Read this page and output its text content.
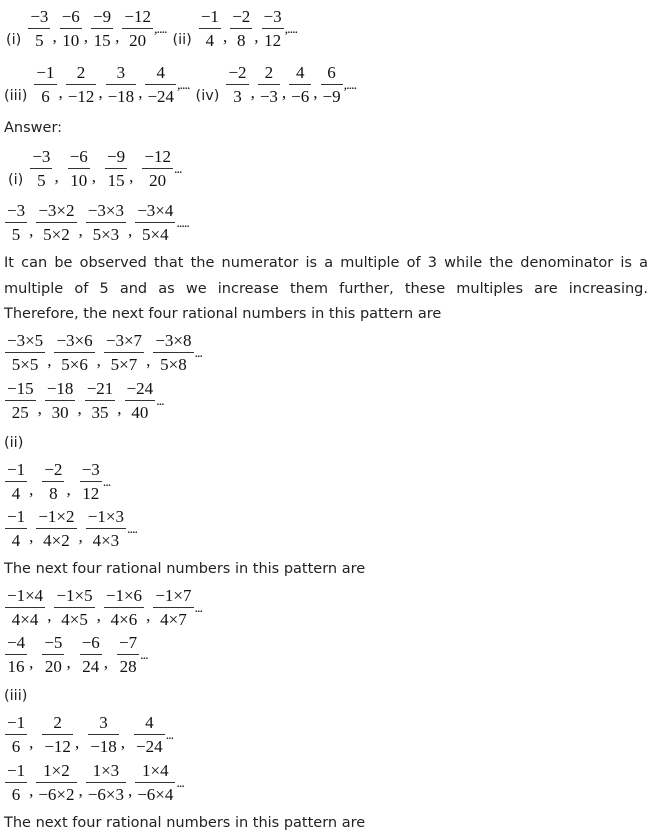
$(i) \frac{-3}{5}$ , $\frac{-6}{10}$ , $\frac{-9}{15}$ , $\frac{-12}{20}$ ,....
$(ii) \frac{-1}{4}$ , $\frac{-2}{8}$ , $\frac{-3}{12}$ ,....
$(iii) \frac{-1}{6}$ , $\frac{2}{-12}$ , $\frac{3}{-18}$ , $\frac{4}{-24}$ ,....
$(iv) \frac{-2}{3}$ , $\frac{2}{-3}$ , $\frac{4}{-6}$ , $\frac{6}{-9}$ ,....
Answer:
$(i) \frac{-3}{5}$ , $\frac{-6}{10}$ , $\frac{-9}{15}$ , $\frac{-12}{20}$ ...
$\frac{-3}{5}$ , $\frac{-3\times 2}{5\times 2}$ , $\frac{-3\times 3}{5\times 3}$ , $\frac{-3\times 4}{5\times 4}$ .....
It can be observed that the numerator is a multiple of 3 while the denominator is a multiple of 5 and as we increase them further, these multiples are increasing. Therefore, the next four rational numbers in this pattern are
$\frac{-3\times 5}{5\times 5}$ , $\frac{-3\times 6}{5\times 6}$ , $\frac{-3\times 7}{5\times 7}$ , $\frac{-3\times 8}{5\times 8}$ ...
$\frac{-15}{25}$ , $\frac{-18}{30}$ , $\frac{-21}{35}$ , $\frac{-24}{40}$ ...
(ii)
$\frac{-1}{4}$ , $\frac{-2}{8}$ , $\frac{-3}{12}$ ...
$\frac{-1}{4}$ , $\frac{-1\times 2}{4\times 2}$ , $\frac{-1\times 3}{4\times 3}$ ....
The next four rational numbers in this pattern are
$\frac{-1\times 4}{4\times 4}$ , $\frac{-1\times 5}{4\times 5}$ , $\frac{-1\times 6}{4\times 6}$ , $\frac{-1\times 7}{4\times 7}$ ...
$\frac{-4}{16}$ , $\frac{-5}{20}$ , $\frac{-6}{24}$ , $\frac{-7}{28}$ ...
(iii)
$\frac{-1}{6}$ , $\frac{2}{-12}$ , $\frac{3}{-18}$ , $\frac{4}{-24}$ ...
$\frac{-1}{6}$ , $\frac{1\times 2}{-6\times 2}$ , $\frac{1\times 3}{-6\times 3}$ , $\frac{1\times 4}{-6\times 4}$ ...
The next four rational numbers in this pattern are
